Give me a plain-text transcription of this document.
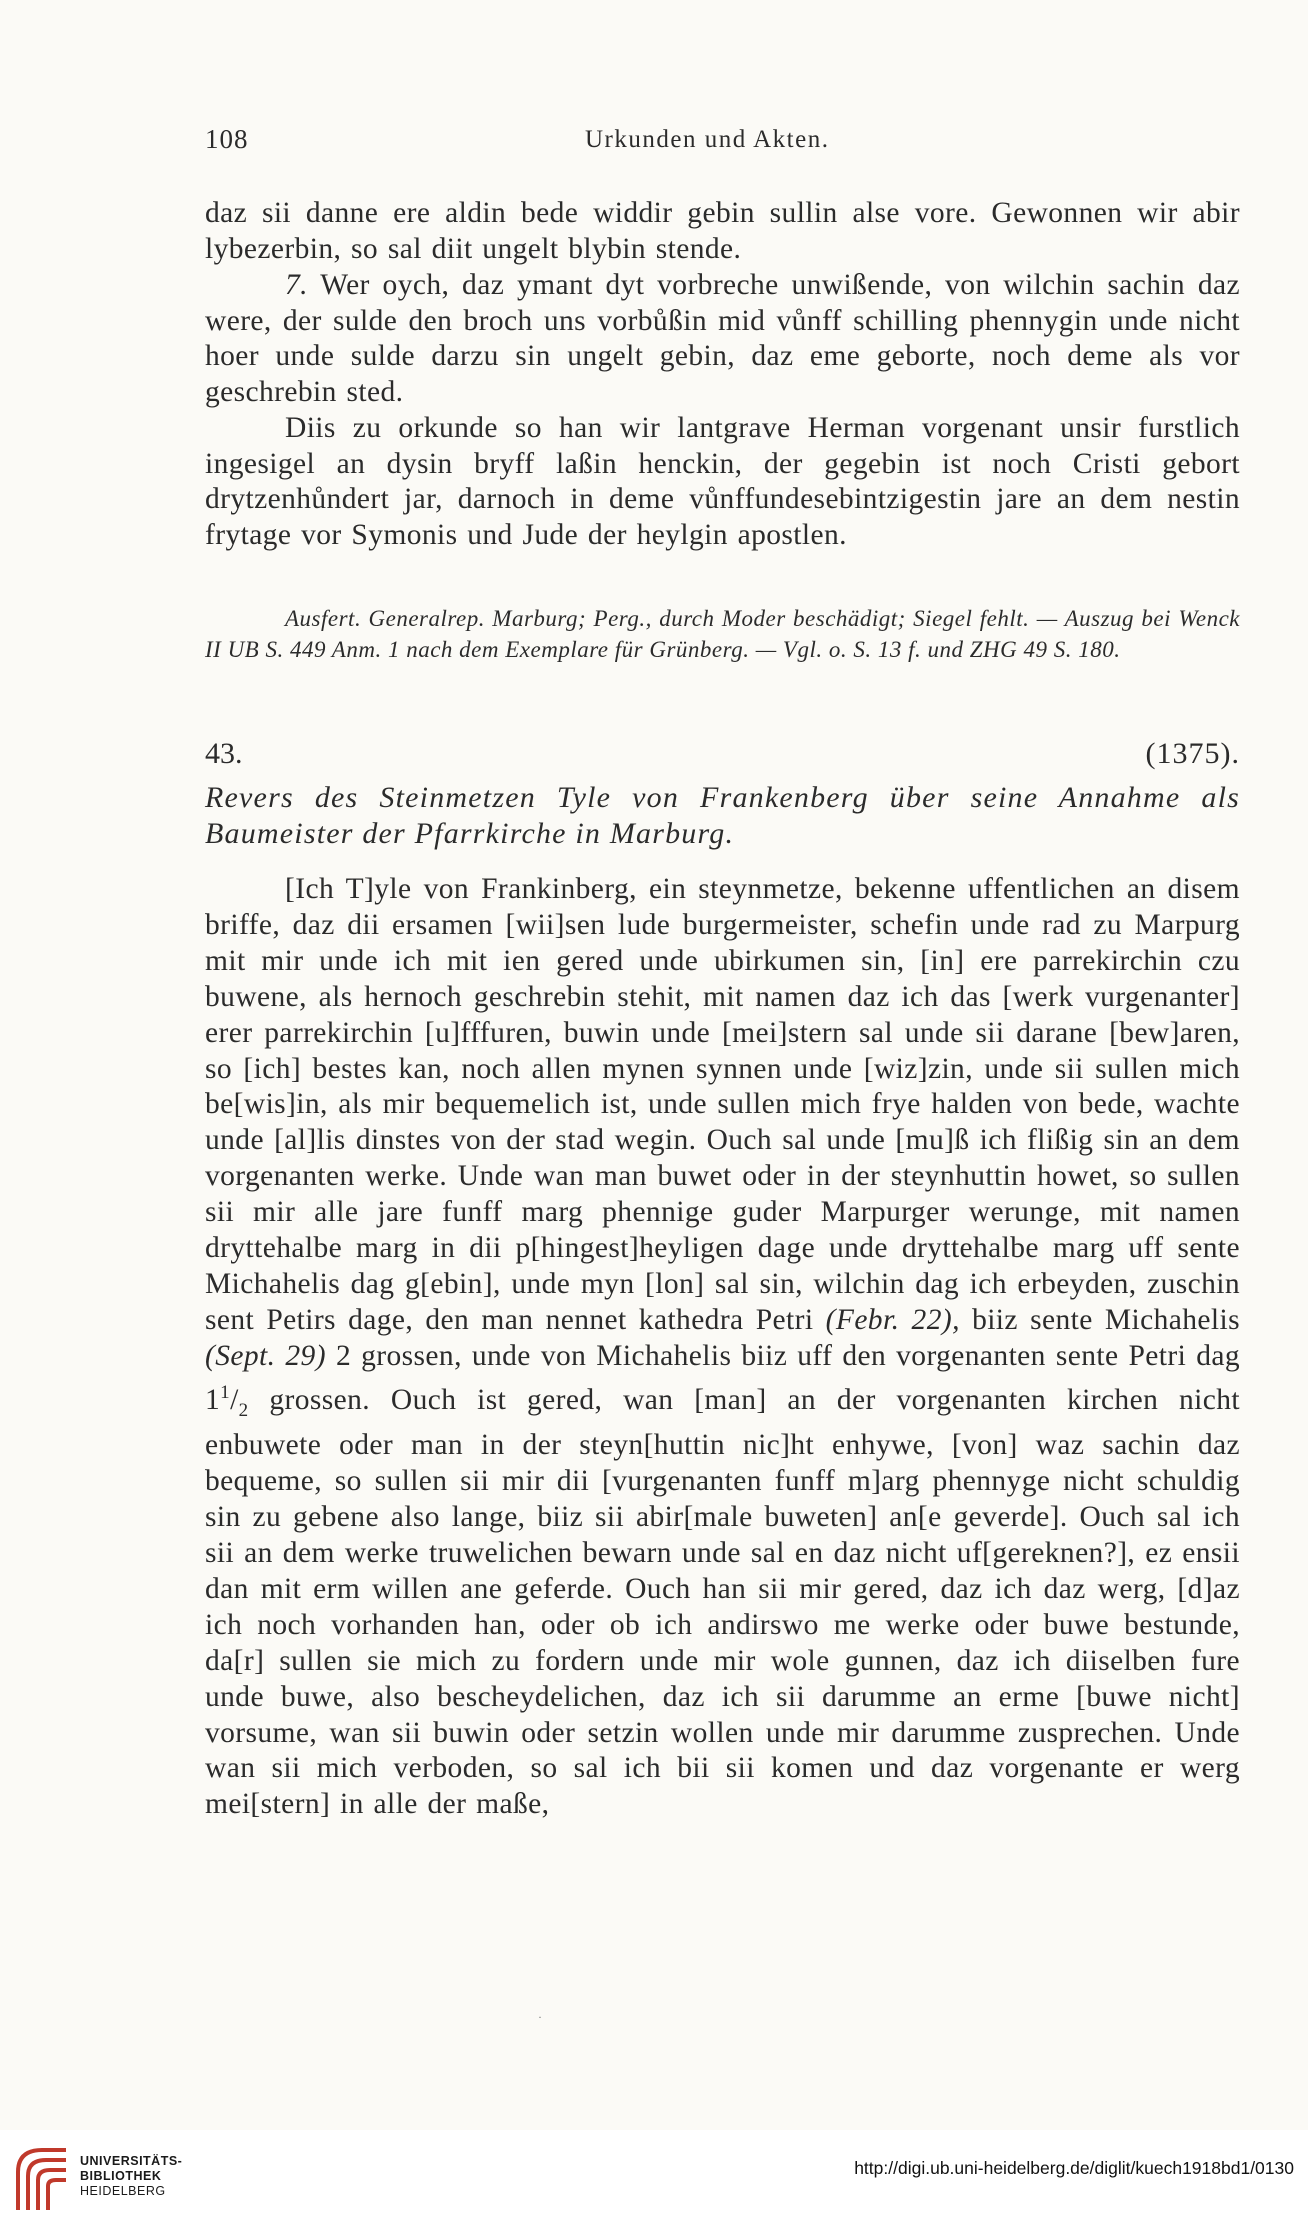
108	Urkunden und Akten.

daz sii danne ere aldin bede widdir gebin sullin alse vore. Gewonnen wir abir lybezerbin, so sal diit ungelt blybin stende.

7. Wer oych, daz ymant dyt vorbreche unwißende, von wilchin sachin daz were, der sulde den broch uns vorbůßin mid vůnff schilling phennygin unde nicht hoer unde sulde darzu sin ungelt gebin, daz eme geborte, noch deme als vor geschrebin sted.

Diis zu orkunde so han wir lantgrave Herman vorgenant unsir furstlich ingesigel an dysin bryff laßin henckin, der gegebin ist noch Cristi gebort drytzenhůndert jar, darnoch in deme vůnffundesebintzigestin jare an dem nestin frytage vor Symonis und Jude der heylgin apostlen.

Ausfert. Generalrep. Marburg; Perg., durch Moder beschädigt; Siegel fehlt. — Auszug bei Wenck II UB S. 449 Anm. 1 nach dem Exemplare für Grünberg. — Vgl. o. S. 13 f. und ZHG 49 S. 180.

43.	(1375).
Revers des Steinmetzen Tyle von Frankenberg über seine Annahme als Baumeister der Pfarrkirche in Marburg.

[Ich T]yle von Frankinberg, ein steynmetze, bekenne uffentlichen an disem briffe, daz dii ersamen [wii]sen lude burgermeister, schefin unde rad zu Marpurg mit mir unde ich mit ien gered unde ubirkumen sin, [in] ere parrekirchin czu buwene, als hernoch geschrebin stehit, mit namen daz ich das [werk vurgenanter] erer parrekirchin [u]fffuren, buwin unde [mei]stern sal unde sii darane [bew]aren, so [ich] bestes kan, noch allen mynen synnen unde [wiz]zin, unde sii sullen mich be[wis]in, als mir bequemelich ist, unde sullen mich frye halden von bede, wachte unde [al]lis dinstes von der stad wegin. Ouch sal unde [mu]ß ich flißig sin an dem vorgenanten werke. Unde wan man buwet oder in der steynhuttin howet, so sullen sii mir alle jare funff marg phennige guder Marpurger werunge, mit namen dryttehalbe marg in dii p[hingest]heyligen dage unde dryttehalbe marg uff sente Michahelis dag g[ebin], unde myn [lon] sal sin, wilchin dag ich erbeyden, zuschin sent Petirs dage, den man nennet kathedra Petri (Febr. 22), biiz sente Michahelis (Sept. 29) 2 grossen, unde von Michahelis biiz uff den vorgenanten sente Petri dag $1^1/_2$ grossen. Ouch ist gered, wan [man] an der vorgenanten kirchen nicht enbuwete oder man in der steyn[huttin nic]ht enhywe, [von] waz sachin daz bequeme, so sullen sii mir dii [vurgenanten funff m]arg phennyge nicht schuldig sin zu gebene also lange, biiz sii abir[male buweten] an[e geverde]. Ouch sal ich sii an dem werke truwelichen bewarn unde sal en daz nicht uf[gereknen?], ez ensii dan mit erm willen ane geferde. Ouch han sii mir gered, daz ich daz werg, [d]az ich noch vorhanden han, oder ob ich andirswo me werke oder buwe bestunde, da[r] sullen sie mich zu fordern unde mir wole gunnen, daz ich diiselben fure unde buwe, also bescheydelichen, daz ich sii darumme an erme [buwe nicht] vorsume, wan sii buwin oder setzin wollen unde mir darumme zusprechen. Unde wan sii mich verboden, so sal ich bii sii komen und daz vorgenante er werg mei[stern] in alle der maße,

·
UNIVERSITÄTS-
BIBLIOTHEK
HEIDELBERG
http://digi.ub.uni-heidelberg.de/diglit/kuech1918bd1/0130
